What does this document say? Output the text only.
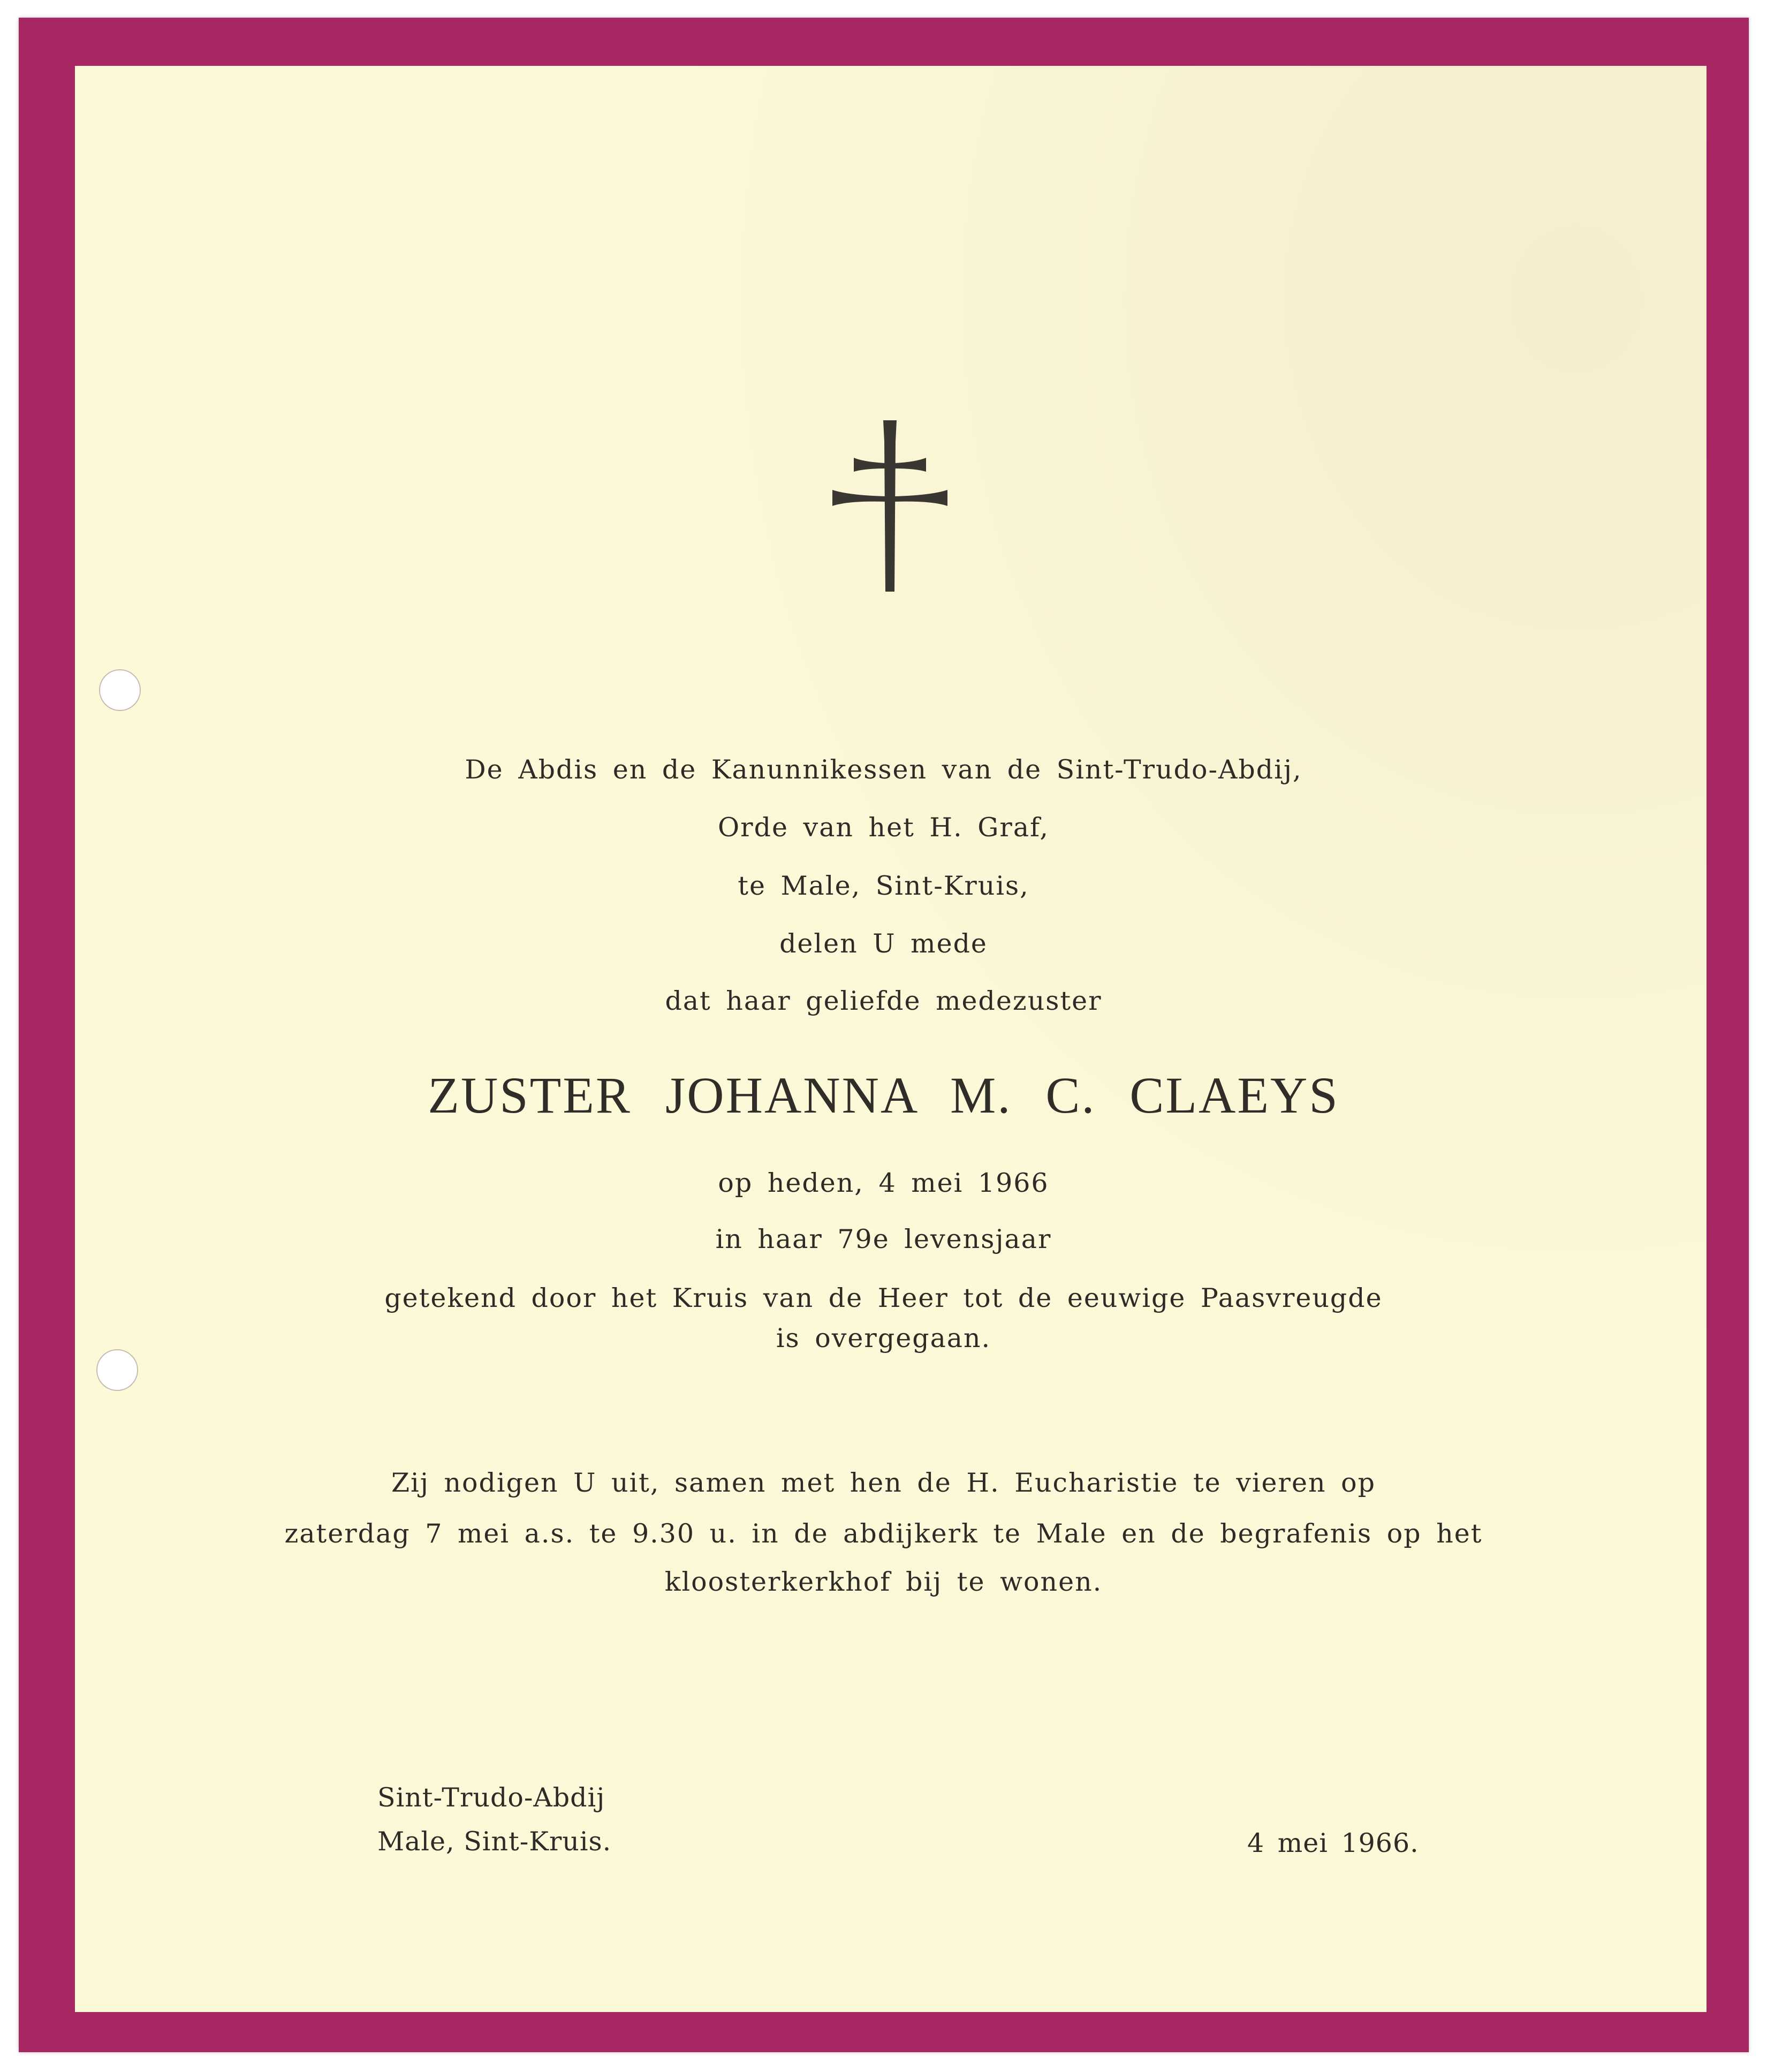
De Abdis en de Kanunnikessen van de Sint-Trudo-Abdij,
Orde van het H. Graf,
te Male, Sint-Kruis,
delen U mede
dat haar geliefde medezuster
ZUSTER JOHANNA M. C. CLAEYS
op heden, 4 mei 1966
in haar 79e levensjaar
getekend door het Kruis van de Heer tot de eeuwige Paasvreugde
is overgegaan.
Zij nodigen U uit, samen met hen de H. Eucharistie te vieren op
zaterdag 7 mei a.s. te 9.30 u. in de abdijkerk te Male en de begrafenis op het
kloosterkerkhof bij te wonen.
Sint-Trudo-Abdij
Male, Sint-Kruis.	4 mei 1966.
